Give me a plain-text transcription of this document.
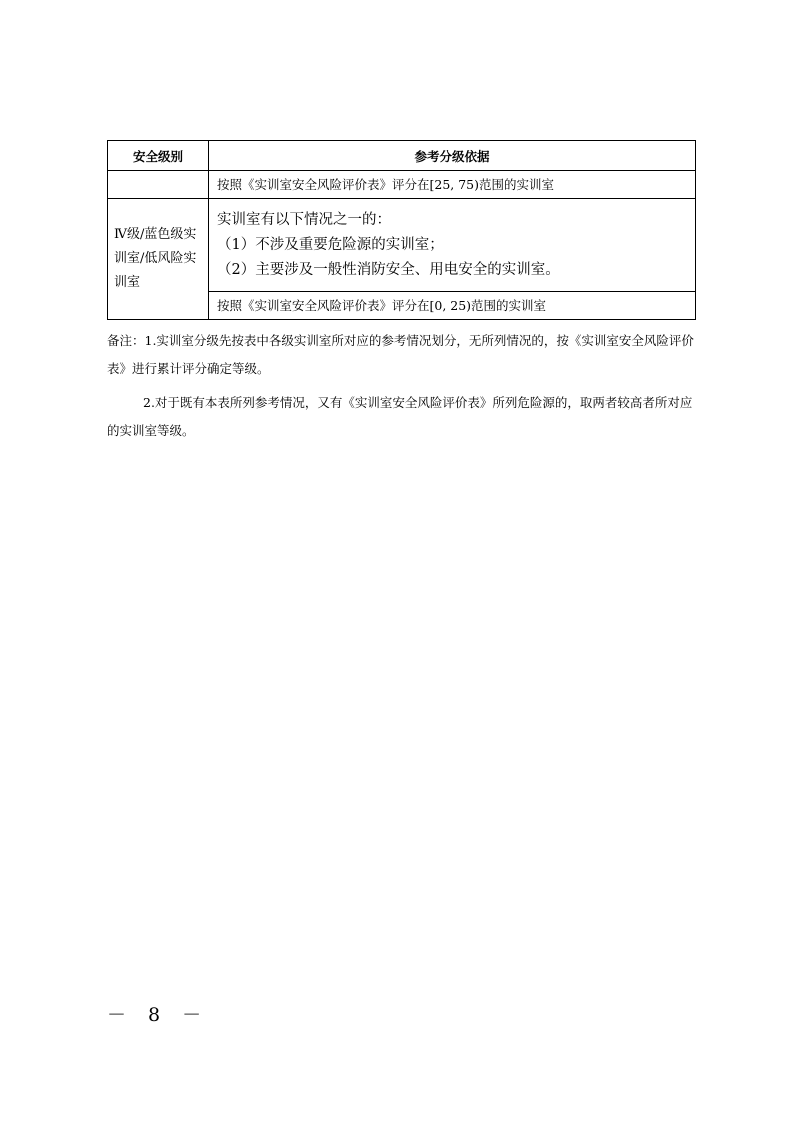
安全级别	参考分级依据
	按照《实训室安全风险评价表》评分在[25, 75)范围的实训室
Ⅳ级/蓝色级实训室/低风险实训室	实训室有以下情况之一的：
（1）不涉及重要危险源的实训室；
（2）主要涉及一般性消防安全、用电安全的实训室。

	按照《实训室安全风险评价表》评分在[0, 25)范围的实训室

备注：1.实训室分级先按表中各级实训室所对应的参考情况划分，无所列情况的，按《实训室安全风险评价表》进行累计评分确定等级。

2.对于既有本表所列参考情况，又有《实训室安全风险评价表》所列危险源的，取两者较高者所对应的实训室等级。

－ 8 －
